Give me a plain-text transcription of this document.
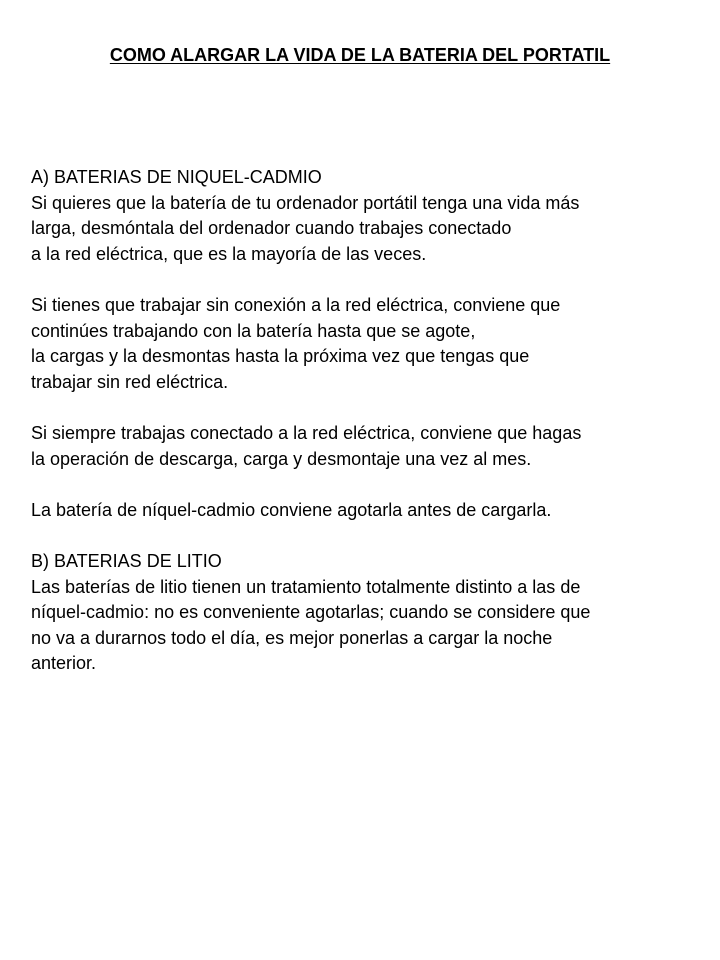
COMO ALARGAR LA VIDA DE LA BATERIA DEL PORTATIL
A) BATERIAS DE NIQUEL-CADMIO
Si quieres que la batería de tu ordenador portátil tenga una vida más
larga, desmóntala del ordenador cuando trabajes conectado
a la red eléctrica, que es la mayoría de las veces.
Si tienes que trabajar sin conexión a la red eléctrica, conviene que
continúes trabajando con la batería hasta que se agote,
la cargas y la desmontas hasta la próxima vez que tengas que
trabajar sin red eléctrica.
Si siempre trabajas conectado a la red eléctrica, conviene que hagas
la operación de descarga, carga y desmontaje una vez al mes.
La batería de níquel-cadmio conviene agotarla antes de cargarla.
B) BATERIAS DE LITIO
Las baterías de litio tienen un tratamiento totalmente distinto a las de
níquel-cadmio: no es conveniente agotarlas; cuando se considere que
no va a durarnos todo el día, es mejor ponerlas a cargar la noche
anterior.
